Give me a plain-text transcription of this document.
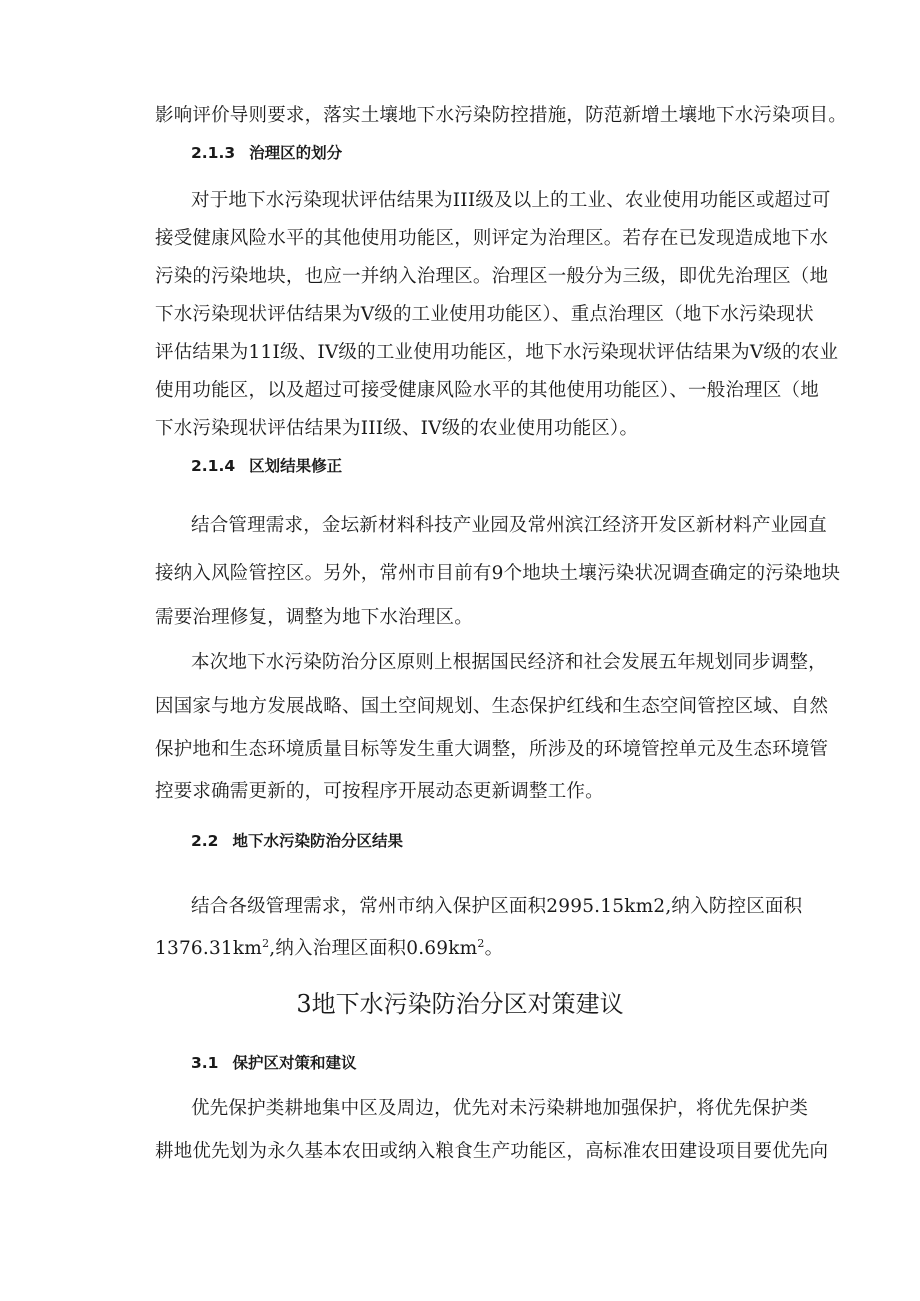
影响评价导则要求，落实土壤地下水污染防控措施，防范新增土壤地下水污染项目。
2.1.3 治理区的划分
对于地下水污染现状评估结果为III级及以上的工业、农业使用功能区或超过可
接受健康风险水平的其他使用功能区，则评定为治理区。若存在已发现造成地下水
污染的污染地块，也应一并纳入治理区。治理区一般分为三级，即优先治理区（地
下水污染现状评估结果为V级的工业使用功能区）、重点治理区（地下水污染现状
评估结果为11I级、IV级的工业使用功能区，地下水污染现状评估结果为V级的农业
使用功能区，以及超过可接受健康风险水平的其他使用功能区）、一般治理区（地
下水污染现状评估结果为III级、IV级的农业使用功能区）。
2.1.4 区划结果修正
结合管理需求，金坛新材料科技产业园及常州滨江经济开发区新材料产业园直
接纳入风险管控区。另外，常州市目前有9个地块土壤污染状况调查确定的污染地块
需要治理修复，调整为地下水治理区。
本次地下水污染防治分区原则上根据国民经济和社会发展五年规划同步调整，
因国家与地方发展战略、国土空间规划、生态保护红线和生态空间管控区域、自然
保护地和生态环境质量目标等发生重大调整，所涉及的环境管控单元及生态环境管
控要求确需更新的，可按程序开展动态更新调整工作。
2.2 地下水污染防治分区结果
结合各级管理需求，常州市纳入保护区面积2995.15km2,纳入防控区面积
$1376.31km^2$,纳入治理区面积$0.69km^2$。
3地下水污染防治分区对策建议
3.1 保护区对策和建议
优先保护类耕地集中区及周边，优先对未污染耕地加强保护，将优先保护类
耕地优先划为永久基本农田或纳入粮食生产功能区，高标准农田建设项目要优先向
